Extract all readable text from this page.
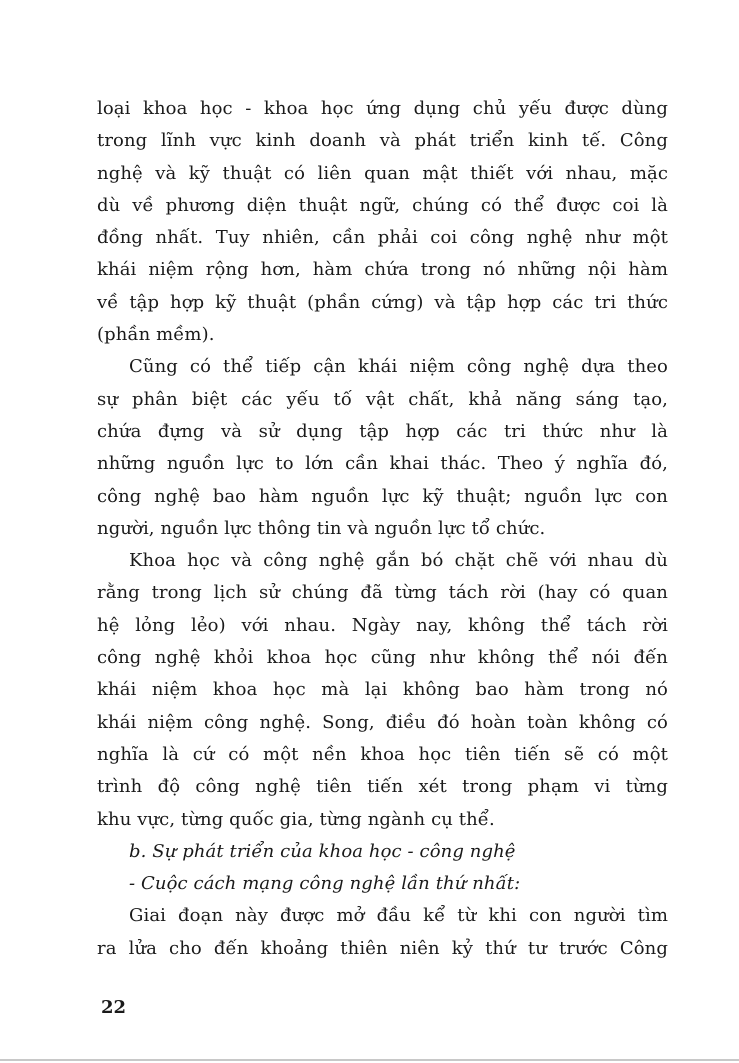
loại khoa học - khoa học ứng dụng chủ yếu được dùng
trong lĩnh vực kinh doanh và phát triển kinh tế. Công
nghệ và kỹ thuật có liên quan mật thiết với nhau, mặc
dù về phương diện thuật ngữ, chúng có thể được coi là
đồng nhất. Tuy nhiên, cần phải coi công nghệ như một
khái niệm rộng hơn, hàm chứa trong nó những nội hàm
về tập hợp kỹ thuật (phần cứng) và tập hợp các tri thức
(phần mềm).
Cũng có thể tiếp cận khái niệm công nghệ dựa theo
sự phân biệt các yếu tố vật chất, khả năng sáng tạo,
chứa đựng và sử dụng tập hợp các tri thức như là
những nguồn lực to lớn cần khai thác. Theo ý nghĩa đó,
công nghệ bao hàm nguồn lực kỹ thuật; nguồn lực con
người, nguồn lực thông tin và nguồn lực tổ chức.
Khoa học và công nghệ gắn bó chặt chẽ với nhau dù
rằng trong lịch sử chúng đã từng tách rời (hay có quan
hệ lỏng lẻo) với nhau. Ngày nay, không thể tách rời
công nghệ khỏi khoa học cũng như không thể nói đến
khái niệm khoa học mà lại không bao hàm trong nó
khái niệm công nghệ. Song, điều đó hoàn toàn không có
nghĩa là cứ có một nền khoa học tiên tiến sẽ có một
trình độ công nghệ tiên tiến xét trong phạm vi từng
khu vực, từng quốc gia, từng ngành cụ thể.
b. Sự phát triển của khoa học - công nghệ
- Cuộc cách mạng công nghệ lần thứ nhất:
Giai đoạn này được mở đầu kể từ khi con người tìm
ra lửa cho đến khoảng thiên niên kỷ thứ tư trước Công
22
